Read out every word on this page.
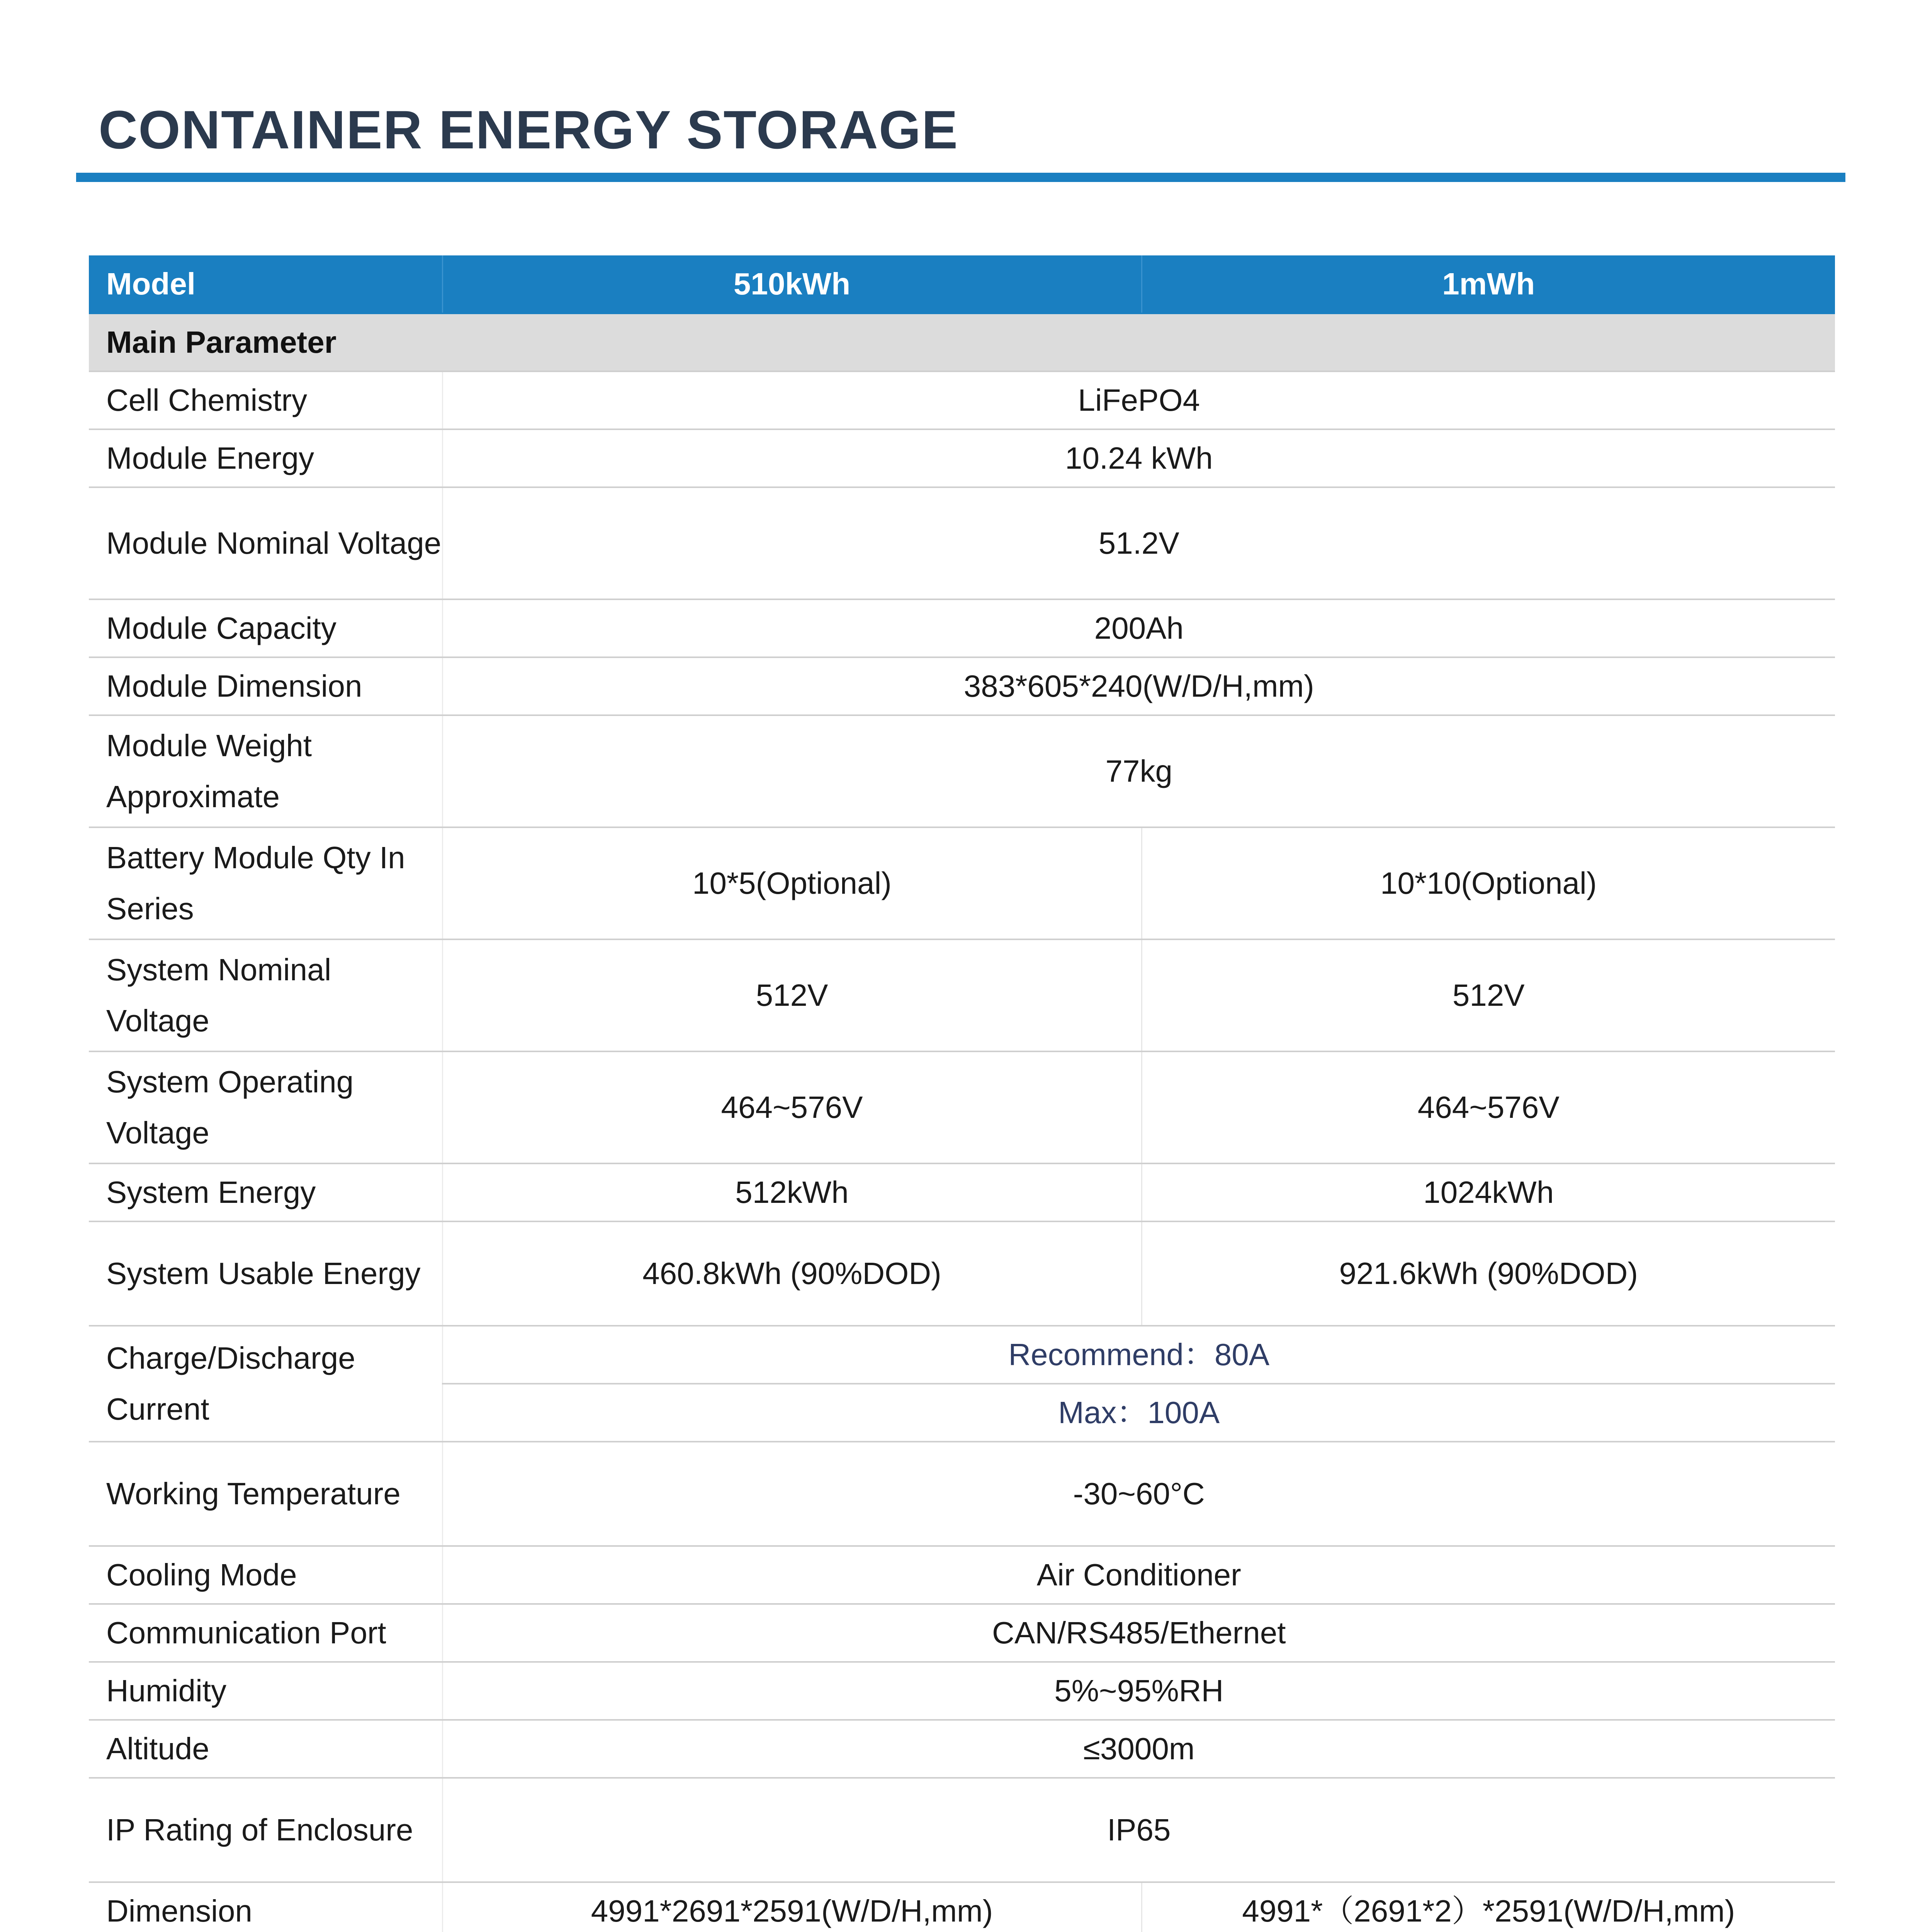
CONTAINER ENERGY STORAGE
Model	510kWh	1mWh
Main Parameter		
Cell Chemistry	LiFePO4	
Module Energy	10.24 kWh	
Module Nominal Voltage	51.2V	
Module Capacity	200Ah	
Module Dimension	383*605*240(W/D/H,mm)	
Module Weight Approximate	77kg	
Battery Module Qty In Series	10*5(Optional)	10*10(Optional)
System Nominal Voltage	512V	512V
System Operating Voltage	464~576V	464~576V
System Energy	512kWh	1024kWh
System Usable Energy	460.8kWh (90%DOD)	921.6kWh (90%DOD)
Charge/Discharge Current	Recommend：80A	
	Max：100A	
Working Temperature	-30~60°C	
Cooling Mode	Air Conditioner	
Communication Port	CAN/RS485/Ethernet	
Humidity	5%~95%RH	
Altitude	≤3000m	
IP Rating of Enclosure	IP65	
Dimension	4991*2691*2591(W/D/H,mm)	4991*（2691*2）*2591(W/D/H,mm)
